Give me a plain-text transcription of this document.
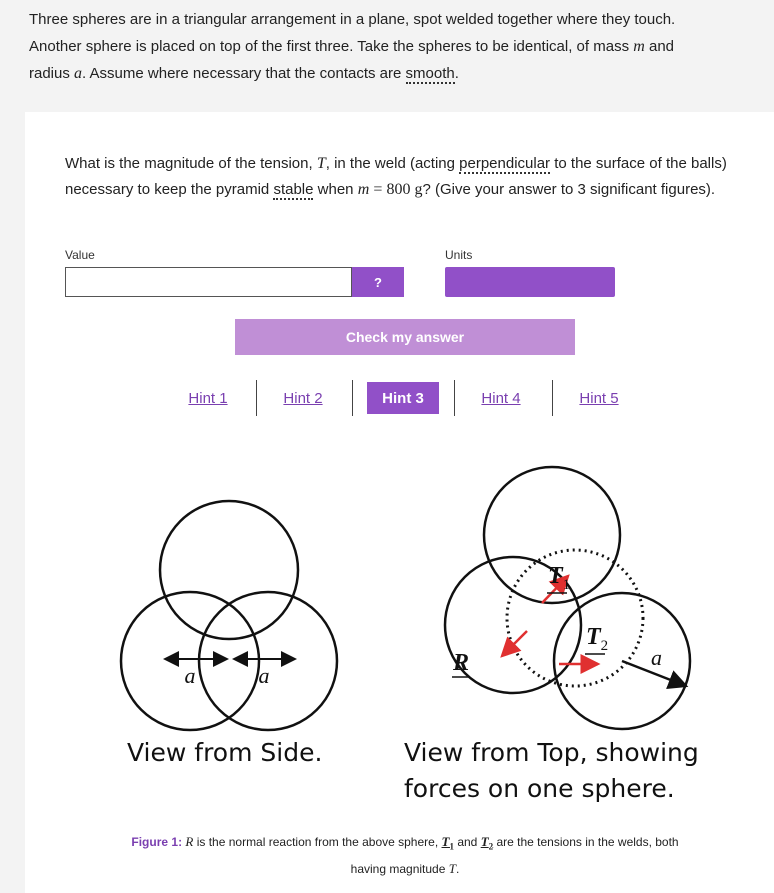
Three spheres are in a triangular arrangement in a plane, spot welded together where they touch.
Another sphere is placed on top of the first three. Take the spheres to be identical, of mass m and
radius a. Assume where necessary that the contacts are smooth.
What is the magnitude of the tension, T, in the weld (acting perpendicular to the surface of the balls) necessary to keep the pyramid stable when m = 800 g? (Give your answer to 3 significant figures).
Value	Units
?
Check my answer
Hint 1	Hint 2	Hint 3	Hint 4	Hint 5
a	a
View from Side.
$T_1$
$T_2$
R	a
View from Top, showing
forces on one sphere.
Figure 1: R is the normal reaction from the above sphere, $T_1$ and $T_2$ are the tensions in the welds, both
having magnitude T.
